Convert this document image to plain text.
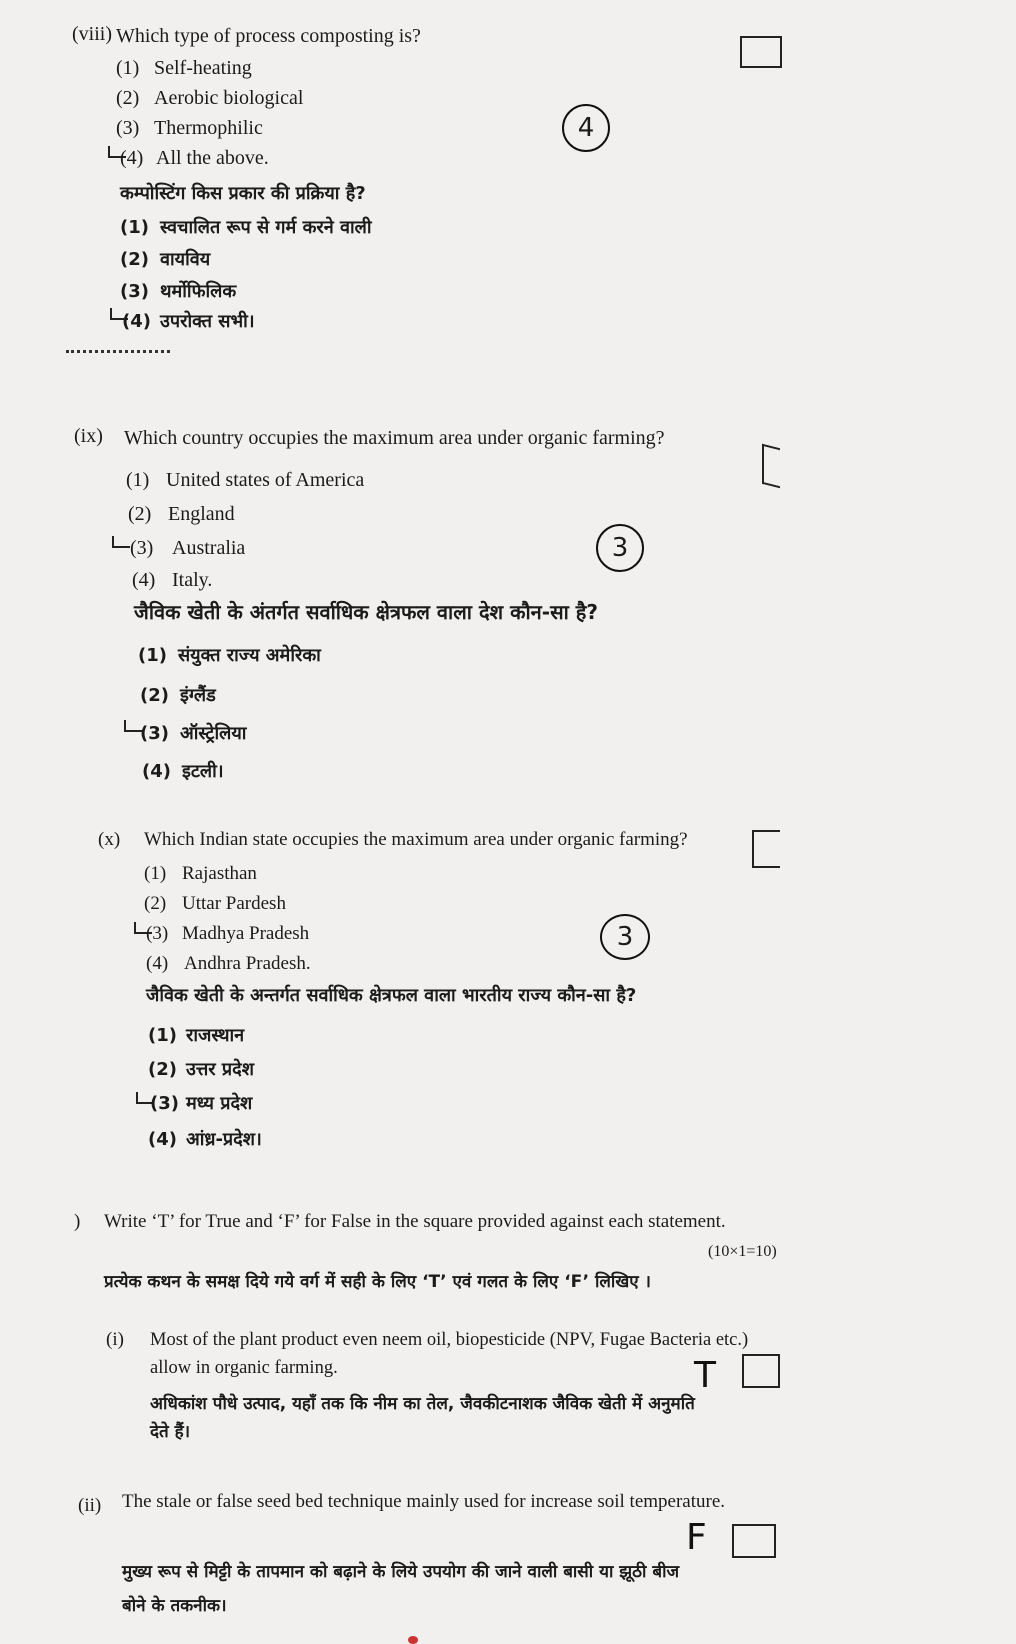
(viii) Which type of process composting is?
(1) Self-heating
(2) Aerobic biological
(3) Thermophilic
(4) All the above.
4
कम्पोस्टिंग किस प्रकार की प्रक्रिया है?
(1) स्वचालित रूप से गर्म करने वाली
(2) वायविय
(3) थर्मोफिलिक
(4) उपरोक्त सभी।
(ix) Which country occupies the maximum area under organic farming?
(1) United states of America
(2) England
(3) Australia
(4) Italy.
3
जैविक खेती के अंतर्गत सर्वाधिक क्षेत्रफल वाला देश कौन-सा है?
(1) संयुक्त राज्य अमेरिका
(2) इंग्लैंड
(3) ऑस्ट्रेलिया
(4) इटली।
(x) Which Indian state occupies the maximum area under organic farming?
(1) Rajasthan
(2) Uttar Pardesh
(3) Madhya Pradesh
(4) Andhra Pradesh.
3
जैविक खेती के अन्तर्गत सर्वाधिक क्षेत्रफल वाला भारतीय राज्य कौन-सा है?
(1) राजस्थान
(2) उत्तर प्रदेश
(3) मध्य प्रदेश
(4) आंध्र-प्रदेश।
) Write ‘T’ for True and ‘F’ for False in the square provided against each statement.
(10×1=10)
प्रत्येक कथन के समक्ष दिये गये वर्ग में सही के लिए ‘T’ एवं गलत के लिए ‘F’ लिखिए ।
(i) Most of the plant product even neem oil, biopesticide (NPV, Fugae Bacteria etc.)
allow in organic farming.	T
अधिकांश पौधे उत्पाद, यहाँ तक कि नीम का तेल, जैवकीटनाशक जैविक खेती में अनुमति
देते हैं।
(ii) The stale or false seed bed technique mainly used for increase soil temperature.
F
मुख्य रूप से मिट्टी के तापमान को बढ़ाने के लिये उपयोग की जाने वाली बासी या झूठी बीज
बोने के तकनीक।
